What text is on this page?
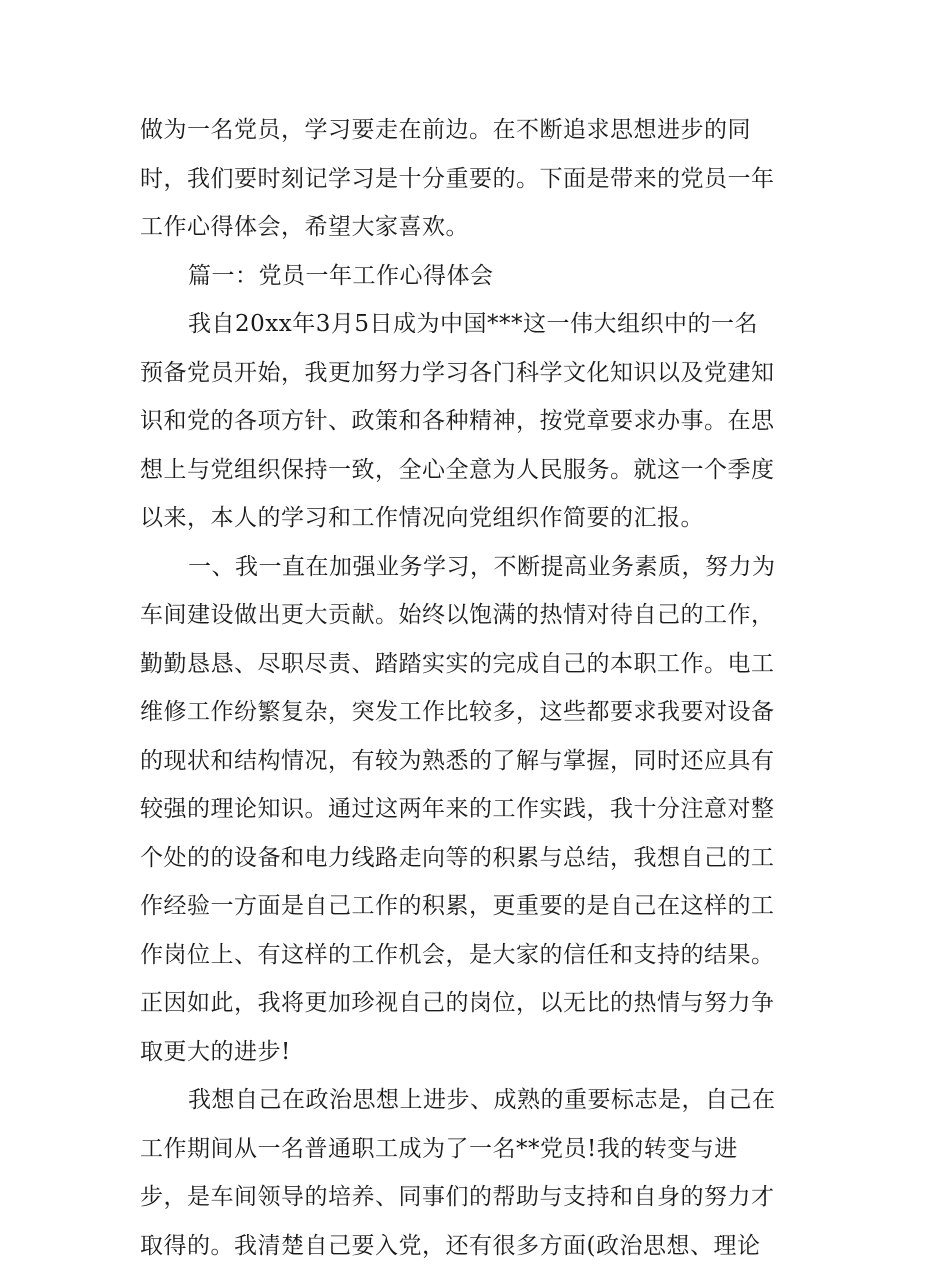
做为一名党员，学习要走在前边。在不断追求思想进步的同
时，我们要时刻记学习是十分重要的。下面是带来的党员一年
工作心得体会，希望大家喜欢。
篇一：党员一年工作心得体会
我自20xx年3月5日成为中国***这一伟大组织中的一名
预备党员开始，我更加努力学习各门科学文化知识以及党建知
识和党的各项方针、政策和各种精神，按党章要求办事。在思
想上与党组织保持一致，全心全意为人民服务。就这一个季度
以来，本人的学习和工作情况向党组织作简要的汇报。
一、我一直在加强业务学习，不断提高业务素质，努力为
车间建设做出更大贡献。始终以饱满的热情对待自己的工作，
勤勤恳恳、尽职尽责、踏踏实实的完成自己的本职工作。电工
维修工作纷繁复杂，突发工作比较多，这些都要求我要对设备
的现状和结构情况，有较为熟悉的了解与掌握，同时还应具有
较强的理论知识。通过这两年来的工作实践，我十分注意对整
个处的的设备和电力线路走向等的积累与总结，我想自己的工
作经验一方面是自己工作的积累，更重要的是自己在这样的工
作岗位上、有这样的工作机会，是大家的信任和支持的结果。
正因如此，我将更加珍视自己的岗位，以无比的热情与努力争
取更大的进步!
我想自己在政治思想上进步、成熟的重要标志是，自己在
工作期间从一名普通职工成为了一名**党员!我的转变与进
步，是车间领导的培养、同事们的帮助与支持和自身的努力才
取得的。我清楚自己要入党，还有很多方面(政治思想、理论
